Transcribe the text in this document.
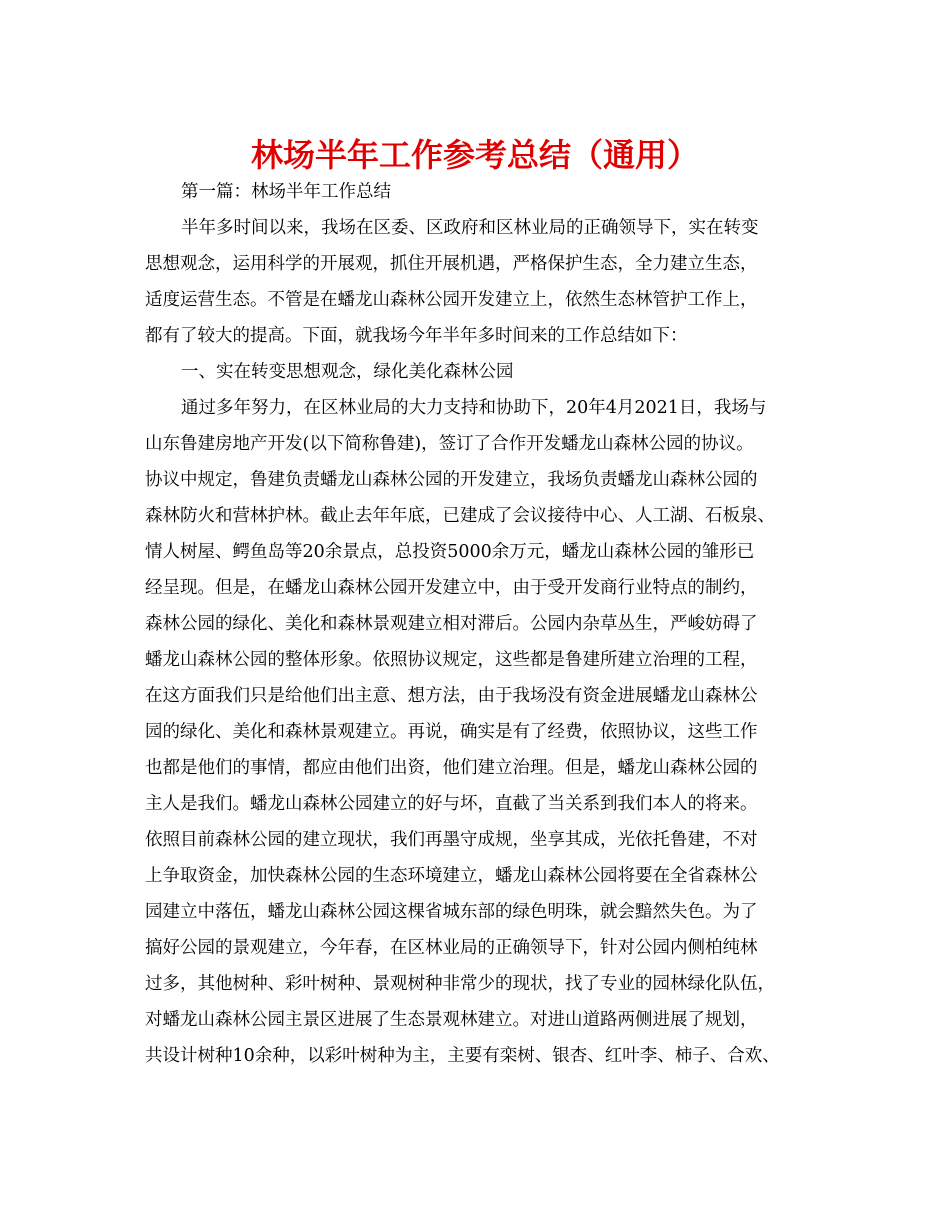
林场半年工作参考总结（通用）
第一篇：林场半年工作总结
半年多时间以来，我场在区委、区政府和区林业局的正确领导下，实在转变
思想观念，运用科学的开展观，抓住开展机遇，严格保护生态，全力建立生态，
适度运营生态。不管是在蟠龙山森林公园开发建立上，依然生态林管护工作上，
都有了较大的提高。下面，就我场今年半年多时间来的工作总结如下：
一、实在转变思想观念，绿化美化森林公园
通过多年努力，在区林业局的大力支持和协助下，20年4月2021日，我场与
山东鲁建房地产开发(以下简称鲁建)，签订了合作开发蟠龙山森林公园的协议。
协议中规定，鲁建负责蟠龙山森林公园的开发建立，我场负责蟠龙山森林公园的
森林防火和营林护林。截止去年年底，已建成了会议接待中心、人工湖、石板泉、
情人树屋、鳄鱼岛等20余景点，总投资5000余万元，蟠龙山森林公园的雏形已
经呈现。但是，在蟠龙山森林公园开发建立中，由于受开发商行业特点的制约，
森林公园的绿化、美化和森林景观建立相对滞后。公园内杂草丛生，严峻妨碍了
蟠龙山森林公园的整体形象。依照协议规定，这些都是鲁建所建立治理的工程，
在这方面我们只是给他们出主意、想方法，由于我场没有资金进展蟠龙山森林公
园的绿化、美化和森林景观建立。再说，确实是有了经费，依照协议，这些工作
也都是他们的事情，都应由他们出资，他们建立治理。但是，蟠龙山森林公园的
主人是我们。蟠龙山森林公园建立的好与坏，直截了当关系到我们本人的将来。
依照目前森林公园的建立现状，我们再墨守成规，坐享其成，光依托鲁建，不对
上争取资金，加快森林公园的生态环境建立，蟠龙山森林公园将要在全省森林公
园建立中落伍，蟠龙山森林公园这棵省城东部的绿色明珠，就会黯然失色。为了
搞好公园的景观建立，今年春，在区林业局的正确领导下，针对公园内侧柏纯林
过多，其他树种、彩叶树种、景观树种非常少的现状，找了专业的园林绿化队伍，
对蟠龙山森林公园主景区进展了生态景观林建立。对进山道路两侧进展了规划，
共设计树种10余种，以彩叶树种为主，主要有栾树、银杏、红叶李、柿子、合欢、
